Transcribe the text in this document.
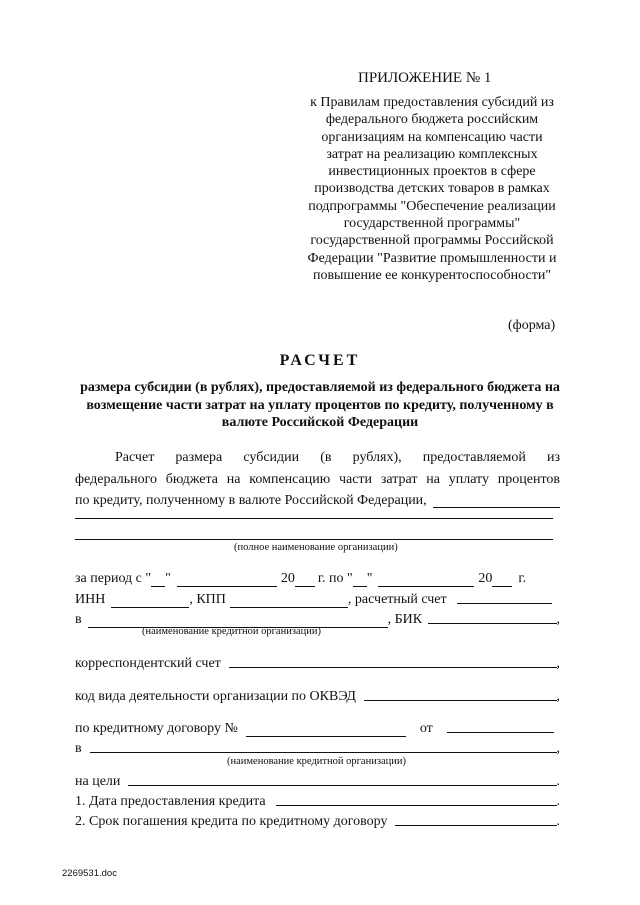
ПРИЛОЖЕНИЕ № 1
к Правилам предоставления субсидий из федерального бюджета российским организациям на компенсацию части затрат на реализацию комплексных инвестиционных проектов в сфере производства детских товаров в рамках подпрограммы "Обеспечение реализации государственной программы" государственной программы Российской Федерации "Развитие промышленности и повышение ее конкурентоспособности"
(форма)
РАСЧЕТ
размера субсидии (в рублях), предоставляемой из федерального бюджета на возмещение части затрат на уплату процентов по кредиту, полученному в валюте Российской Федерации
Расчет размера субсидии (в рублях), предоставляемой из
федерального бюджета на компенсацию части затрат на уплату процентов
по кредиту, полученному в валюте Российской Федерации,
(полное наименование организации)
за период с " "	20 г. по " "	20 г.
ИНН	, КПП	, расчетный счет
в	, БИК	,
(наименование кредитной организации)
корреспондентский счет	,
код вида деятельности организации по ОКВЭД	,
по кредитному договору №	от
в	,
(наименование кредитной организации)
на цели	.
1. Дата предоставления кредита	.
2. Срок погашения кредита по кредитному договору	.
2269531.doc
